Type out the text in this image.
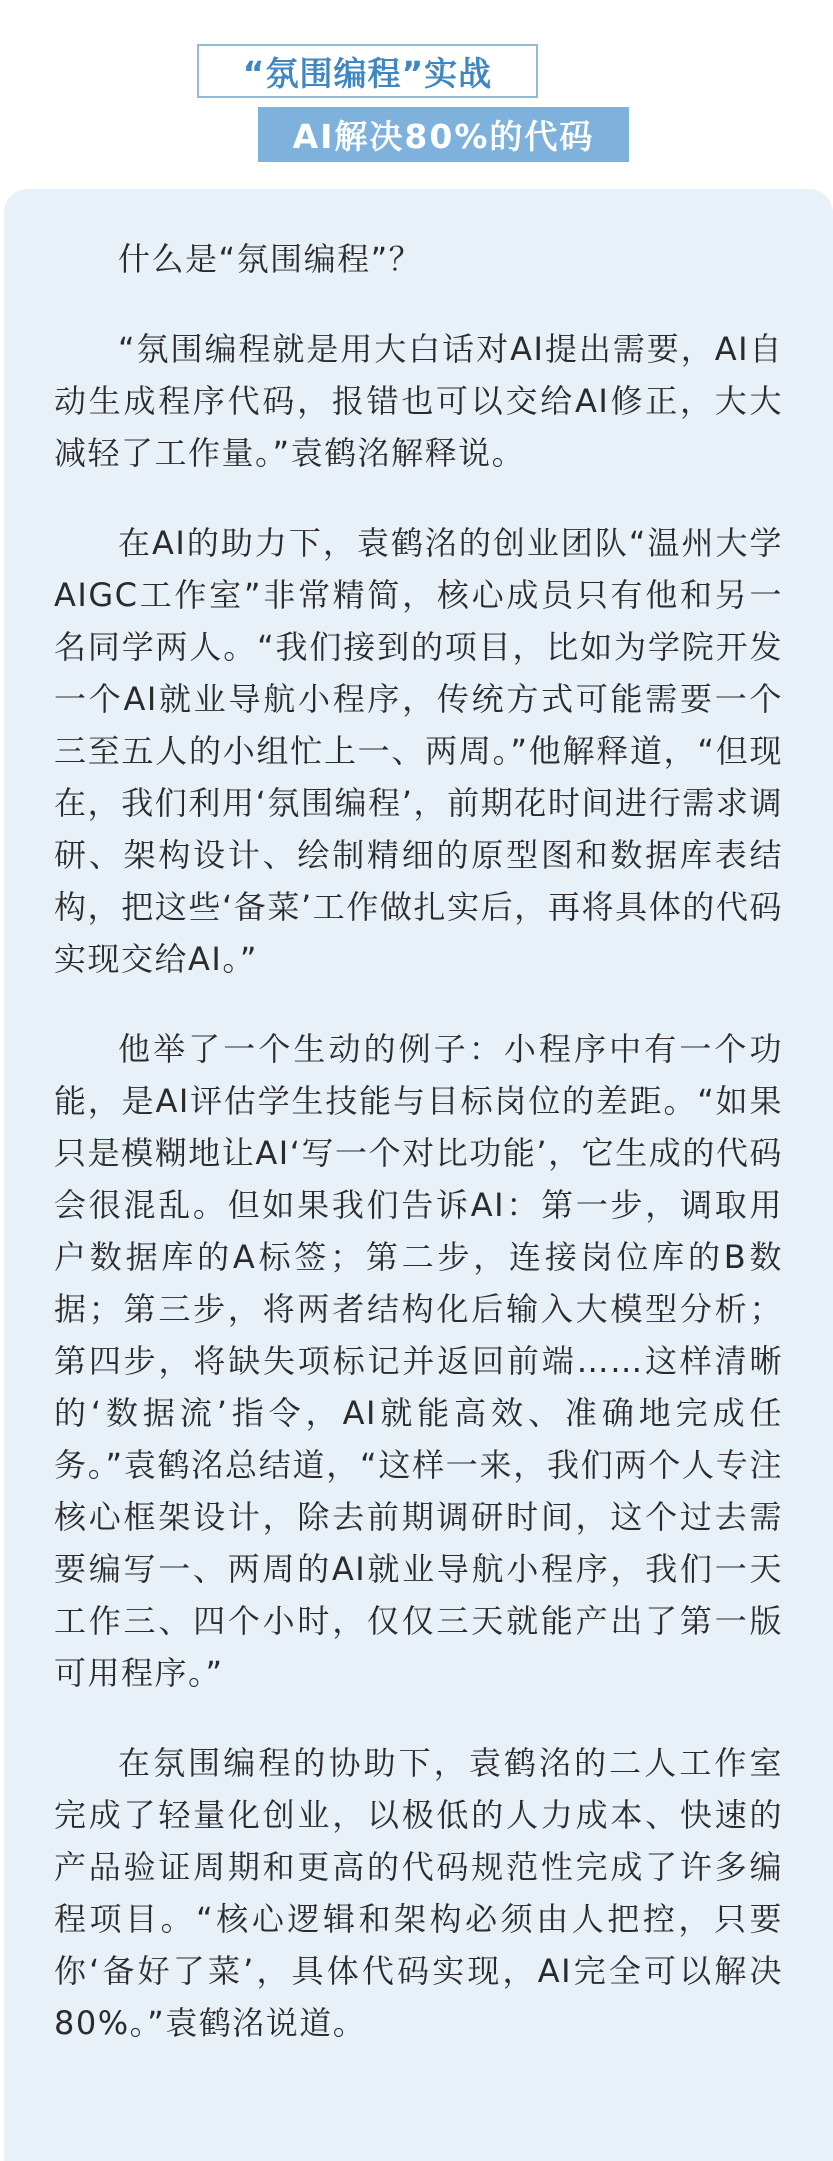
“氛围编程”实战
AI解决80%的代码

什么是“氛围编程”？

“氛围编程就是用大白话对AI提出需要，AI自动生成程序代码，报错也可以交给AI修正，大大减轻了工作量。”袁鹤洺解释说。

在AI的助力下，袁鹤洺的创业团队“温州大学AIGC工作室”非常精简，核心成员只有他和另一名同学两人。“我们接到的项目，比如为学院开发一个AI就业导航小程序，传统方式可能需要一个三至五人的小组忙上一、两周。”他解释道，“但现在，我们利用‘氛围编程’，前期花时间进行需求调研、架构设计、绘制精细的原型图和数据库表结构，把这些‘备菜’工作做扎实后，再将具体的代码实现交给AI。”

他举了一个生动的例子：小程序中有一个功能，是AI评估学生技能与目标岗位的差距。“如果只是模糊地让AI‘写一个对比功能’，它生成的代码会很混乱。但如果我们告诉AI：第一步，调取用户数据库的A标签；第二步，连接岗位库的B数据；第三步，将两者结构化后输入大模型分析；第四步，将缺失项标记并返回前端……这样清晰的‘数据流’指令，AI就能高效、准确地完成任务。”袁鹤洺总结道，“这样一来，我们两个人专注核心框架设计，除去前期调研时间，这个过去需要编写一、两周的AI就业导航小程序，我们一天工作三、四个小时，仅仅三天就能产出了第一版可用程序。”

在氛围编程的协助下，袁鹤洺的二人工作室完成了轻量化创业，以极低的人力成本、快速的产品验证周期和更高的代码规范性完成了许多编程项目。“核心逻辑和架构必须由人把控，只要你‘备好了菜’，具体代码实现，AI完全可以解决80%。”袁鹤洺说道。
